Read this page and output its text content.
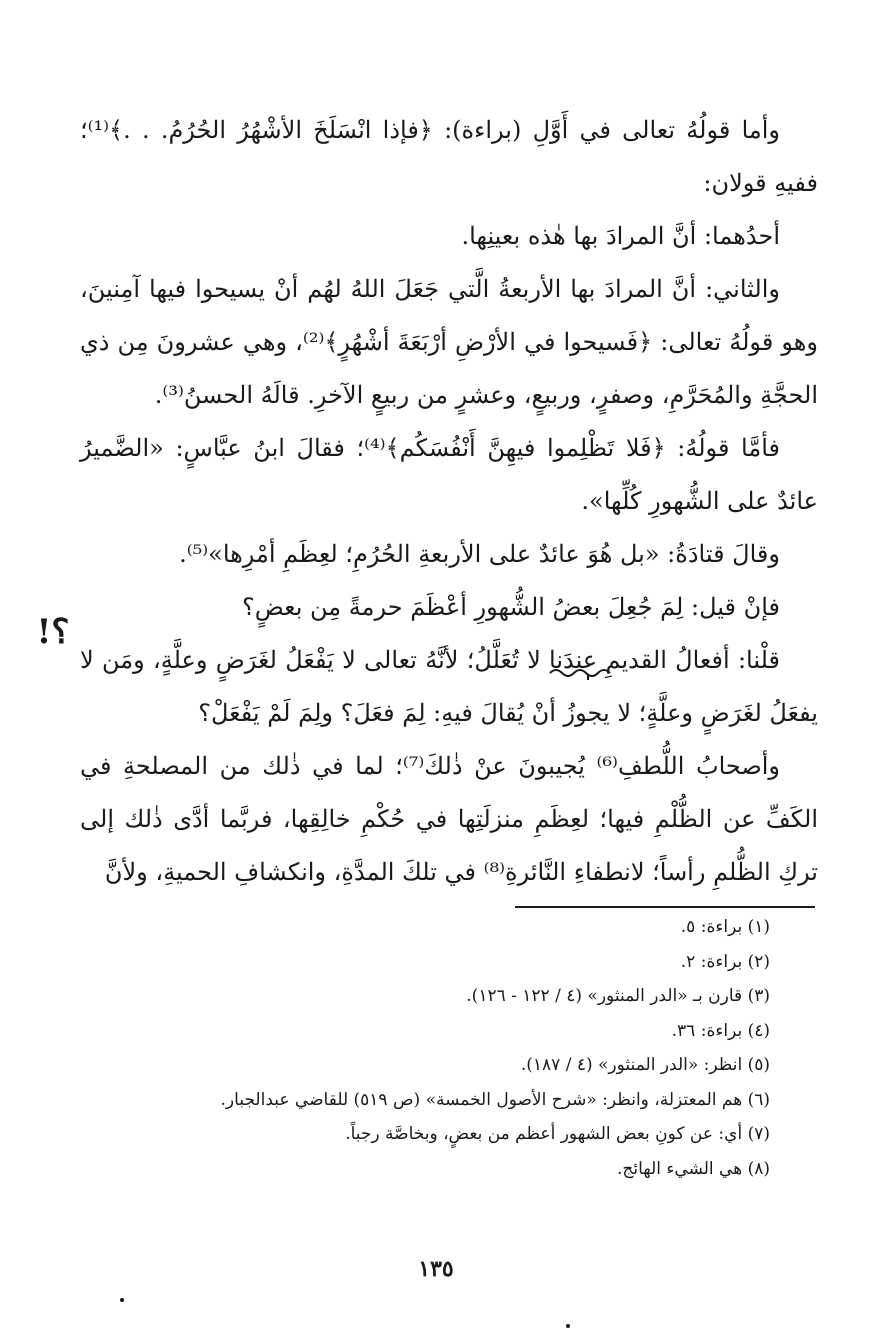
وأما قولُهُ تعالى في أَوَّلِ (براءة): ﴿فإذا انْسَلَخَ الأشْهُرُ الحُرُمُ. . .﴾⁽¹⁾؛ ففيهِ قولان:

أحدُهما: أنَّ المرادَ بها هٰذه بعينِها.

والثاني: أنَّ المرادَ بها الأربعةُ الَّتي جَعَلَ اللهُ لهُم أنْ يسيحوا فيها آمِنينَ، وهو قولُهُ تعالى: ﴿فَسيحوا في الأرْضِ أرْبَعَةَ أشْهُرٍ﴾⁽²⁾، وهي عشرونَ مِن ذي الحجَّةِ والمُحَرَّمِ، وصفرٍ، وربيعٍ، وعشرٍ من ربيعٍ الآخرِ. قالَهُ الحسنُ⁽³⁾.

فأمَّا قولُهُ: ﴿فَلا تَظْلِموا فيهِنَّ أَنْفُسَكُم﴾⁽⁴⁾؛ فقالَ ابنُ عبَّاسٍ: «الضَّميرُ عائدٌ على الشُّهورِ كُلِّها».

وقالَ قتادَةُ: «بل هُوَ عائدٌ على الأربعةِ الحُرُمِ؛ لعِظَمِ أمْرِها»⁽⁵⁾.

فإنْ قيل: لِمَ جُعِلَ بعضُ الشُّهورِ أعْظَمَ حرمةً مِن بعضٍ؟

قلْنا: أفعالُ القديمِ عندَنا لا تُعَلَّلُ؛ لأنَّهُ تعالى لا يَفْعَلُ لغَرَضٍ وعلَّةٍ، ومَن لا يفعَلُ لغَرَضٍ وعلَّةٍ؛ لا يجوزُ أنْ يُقالَ فيهِ: لِمَ فعَلَ؟ ولِمَ لَمْ يَفْعَلْ؟

وأصحابُ اللُّطفِ⁽⁶⁾ يُجيبونَ عنْ ذٰلكَ⁽⁷⁾؛ لما في ذٰلك من المصلحةِ في الكَفِّ عن الظُّلْمِ فيها؛ لعِظَمِ منزلَتِها في حُكْمِ خالِقِها، فربَّما أدَّى ذٰلك إلى تركِ الظُّلمِ رأساً؛ لانطفاءِ النَّائرةِ⁽⁸⁾ في تلكَ المدَّةِ، وانكشافِ الحميةِ، ولأنَّ

؟!

(١) براءة: ٥.

(٢) براءة: ٢.

(٣) قارن بـ «الدر المنثور» (٤ / ١٢٢ - ١٢٦).

(٤) براءة: ٣٦.

(٥) انظر: «الدر المنثور» (٤ / ١٨٧).

(٦) هم المعتزلة، وانظر: «شرح الأصول الخمسة» (ص ٥١٩) للقاضي عبدالجبار.

(٧) أي: عن كونِ بعض الشهور أعظم من بعضٍ، وبخاصَّة رجباً.

(٨) هي الشيء الهائج.

١٣٥
